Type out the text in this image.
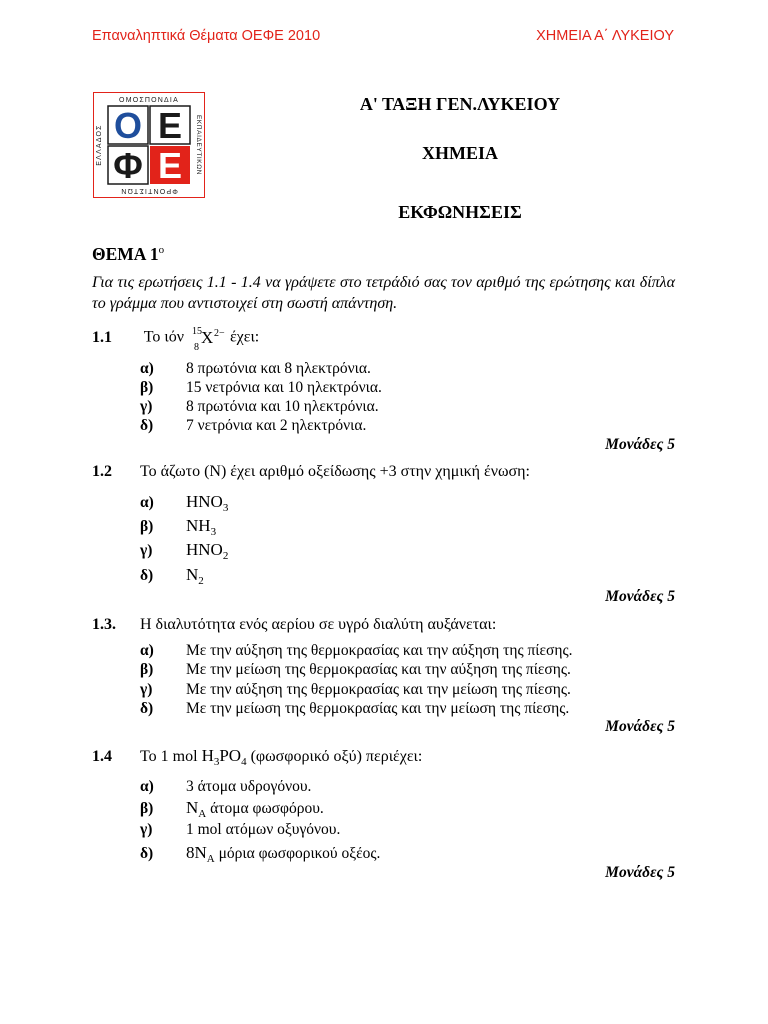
Επαναληπτικά Θέματα ΟΕΦΕ 2010	ΧΗΜΕΙΑ Α΄ ΛΥΚΕΙΟΥ
ΟΜΟΣΠΟΝΔΙΑ
ΦΡΟΝΤΙΣΤΩΝ
ΕΛΛΑΔΟΣ	ΕΚΠΑΙΔΕΥΤΙΚΩΝ
Ο Ε
Φ Ε
Α' ΤΑΞΗ ΓΕΝ.ΛΥΚΕΙΟΥ
ΧΗΜΕΙΑ
ΕΚΦΩΝΗΣΕΙΣ
ΘΕΜΑ $1^o$
Για τις ερωτήσεις 1.1 - 1.4 να γράψετε στο τετράδιό σας τον αριθμό της ερώτησης και δίπλα το γράμμα που αντιστοιχεί στη σωστή απάντηση.
1.1 Το ιόν 15
8
X 2− έχει:
α) 8 πρωτόνια και 8 ηλεκτρόνια.
β) 15 νετρόνια και 10 ηλεκτρόνια.
γ) 8 πρωτόνια και 10 ηλεκτρόνια.
δ) 7 νετρόνια και 2 ηλεκτρόνια.
Μονάδες 5
1.2 Το άζωτο (Ν) έχει αριθμό οξείδωσης +3 στην χημική ένωση:
α) $HNO_3$
β) $NH_3$
γ) $HNO_2$
δ) $N_2$
Μονάδες 5
1.3. Η διαλυτότητα ενός αερίου σε υγρό διαλύτη αυξάνεται:
α) Με την αύξηση της θερμοκρασίας και την αύξηση της πίεσης.
β) Με την μείωση της θερμοκρασίας και την αύξηση της πίεσης.
γ) Με την αύξηση της θερμοκρασίας και την μείωση της πίεσης.
δ) Με την μείωση της θερμοκρασίας και την μείωση της πίεσης.
Μονάδες 5
1.4 Το 1 mol $H_3PO_4$ (φωσφορικό οξύ) περιέχει:
α) 3 άτομα υδρογόνου.
β) $N_A$ άτομα φωσφόρου.
γ) 1 mol ατόμων οξυγόνου.
δ) $8N_A$ μόρια φωσφορικού οξέος.
Μονάδες 5
